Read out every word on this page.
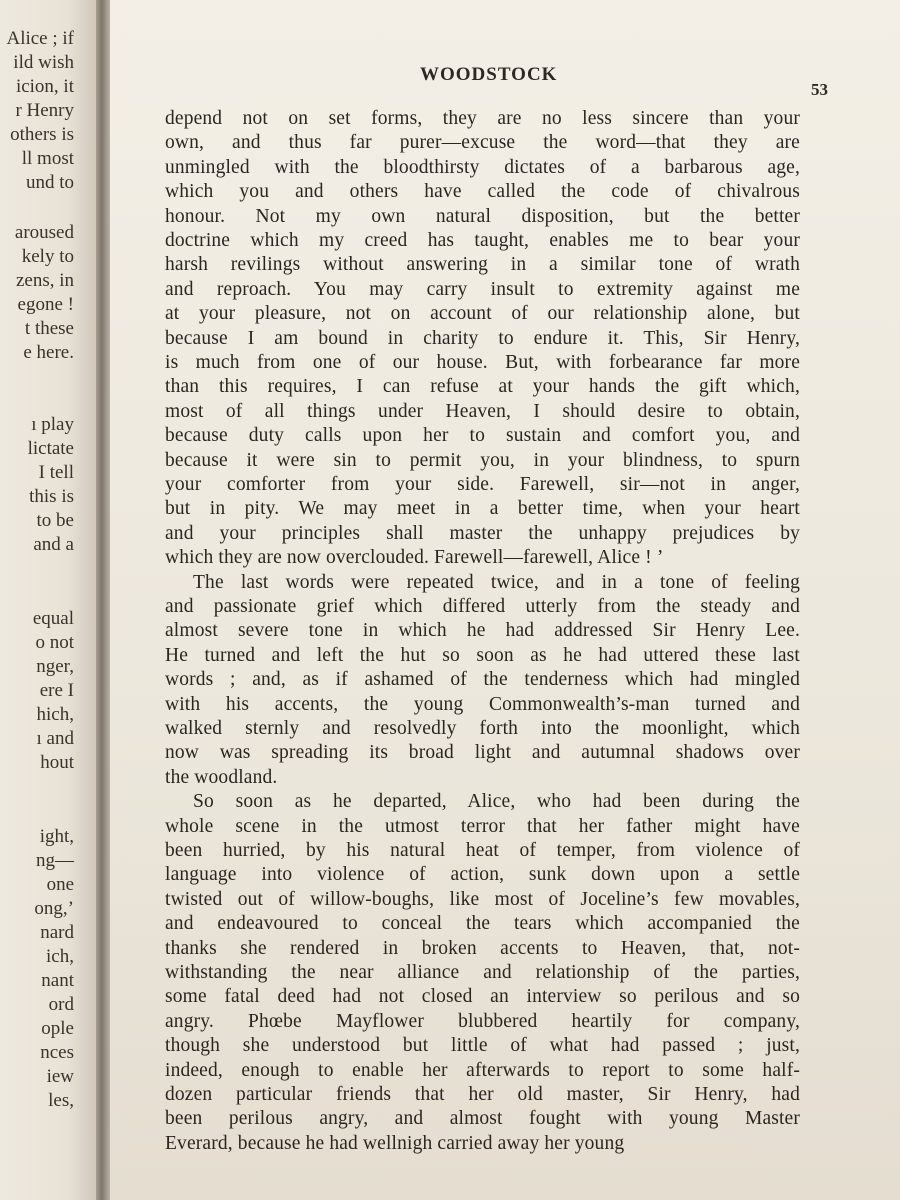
Alice ; if
ild wish
icion, it
r Henry
others is
ll most
und to
aroused
kely to
zens, in
egone !
t these
e here.
ı play
lictate
I tell
this is
to be
and a
equal
o not
nger,
ere I
hich,
ı and
hout
ight,
ng—
one
ong,’
nard
ich,
nant
ord
ople
nces
iew
les,
WOODSTOCK
53
depend not on set forms, they are no less sincere than your
own, and thus far purer—excuse the word—that they are
unmingled with the bloodthirsty dictates of a barbarous age,
which you and others have called the code of chivalrous
honour. Not my own natural disposition, but the better
doctrine which my creed has taught, enables me to bear your
harsh revilings without answering in a similar tone of wrath
and reproach. You may carry insult to extremity against me
at your pleasure, not on account of our relationship alone, but
because I am bound in charity to endure it. This, Sir Henry,
is much from one of our house. But, with forbearance far more
than this requires, I can refuse at your hands the gift which,
most of all things under Heaven, I should desire to obtain,
because duty calls upon her to sustain and comfort you, and
because it were sin to permit you, in your blindness, to spurn
your comforter from your side. Farewell, sir—not in anger,
but in pity. We may meet in a better time, when your heart
and your principles shall master the unhappy prejudices by
which they are now overclouded. Farewell—farewell, Alice ! ’
The last words were repeated twice, and in a tone of feeling
and passionate grief which differed utterly from the steady and
almost severe tone in which he had addressed Sir Henry Lee.
He turned and left the hut so soon as he had uttered these last
words ; and, as if ashamed of the tenderness which had mingled
with his accents, the young Commonwealth’s-man turned and
walked sternly and resolvedly forth into the moonlight, which
now was spreading its broad light and autumnal shadows over
the woodland.
So soon as he departed, Alice, who had been during the
whole scene in the utmost terror that her father might have
been hurried, by his natural heat of temper, from violence of
language into violence of action, sunk down upon a settle
twisted out of willow-boughs, like most of Joceline’s few movables,
and endeavoured to conceal the tears which accompanied the
thanks she rendered in broken accents to Heaven, that, not-
withstanding the near alliance and relationship of the parties,
some fatal deed had not closed an interview so perilous and so
angry. Phœbe Mayflower blubbered heartily for company,
though she understood but little of what had passed ; just,
indeed, enough to enable her afterwards to report to some half-
dozen particular friends that her old master, Sir Henry, had
been perilous angry, and almost fought with young Master
Everard, because he had wellnigh carried away her young
